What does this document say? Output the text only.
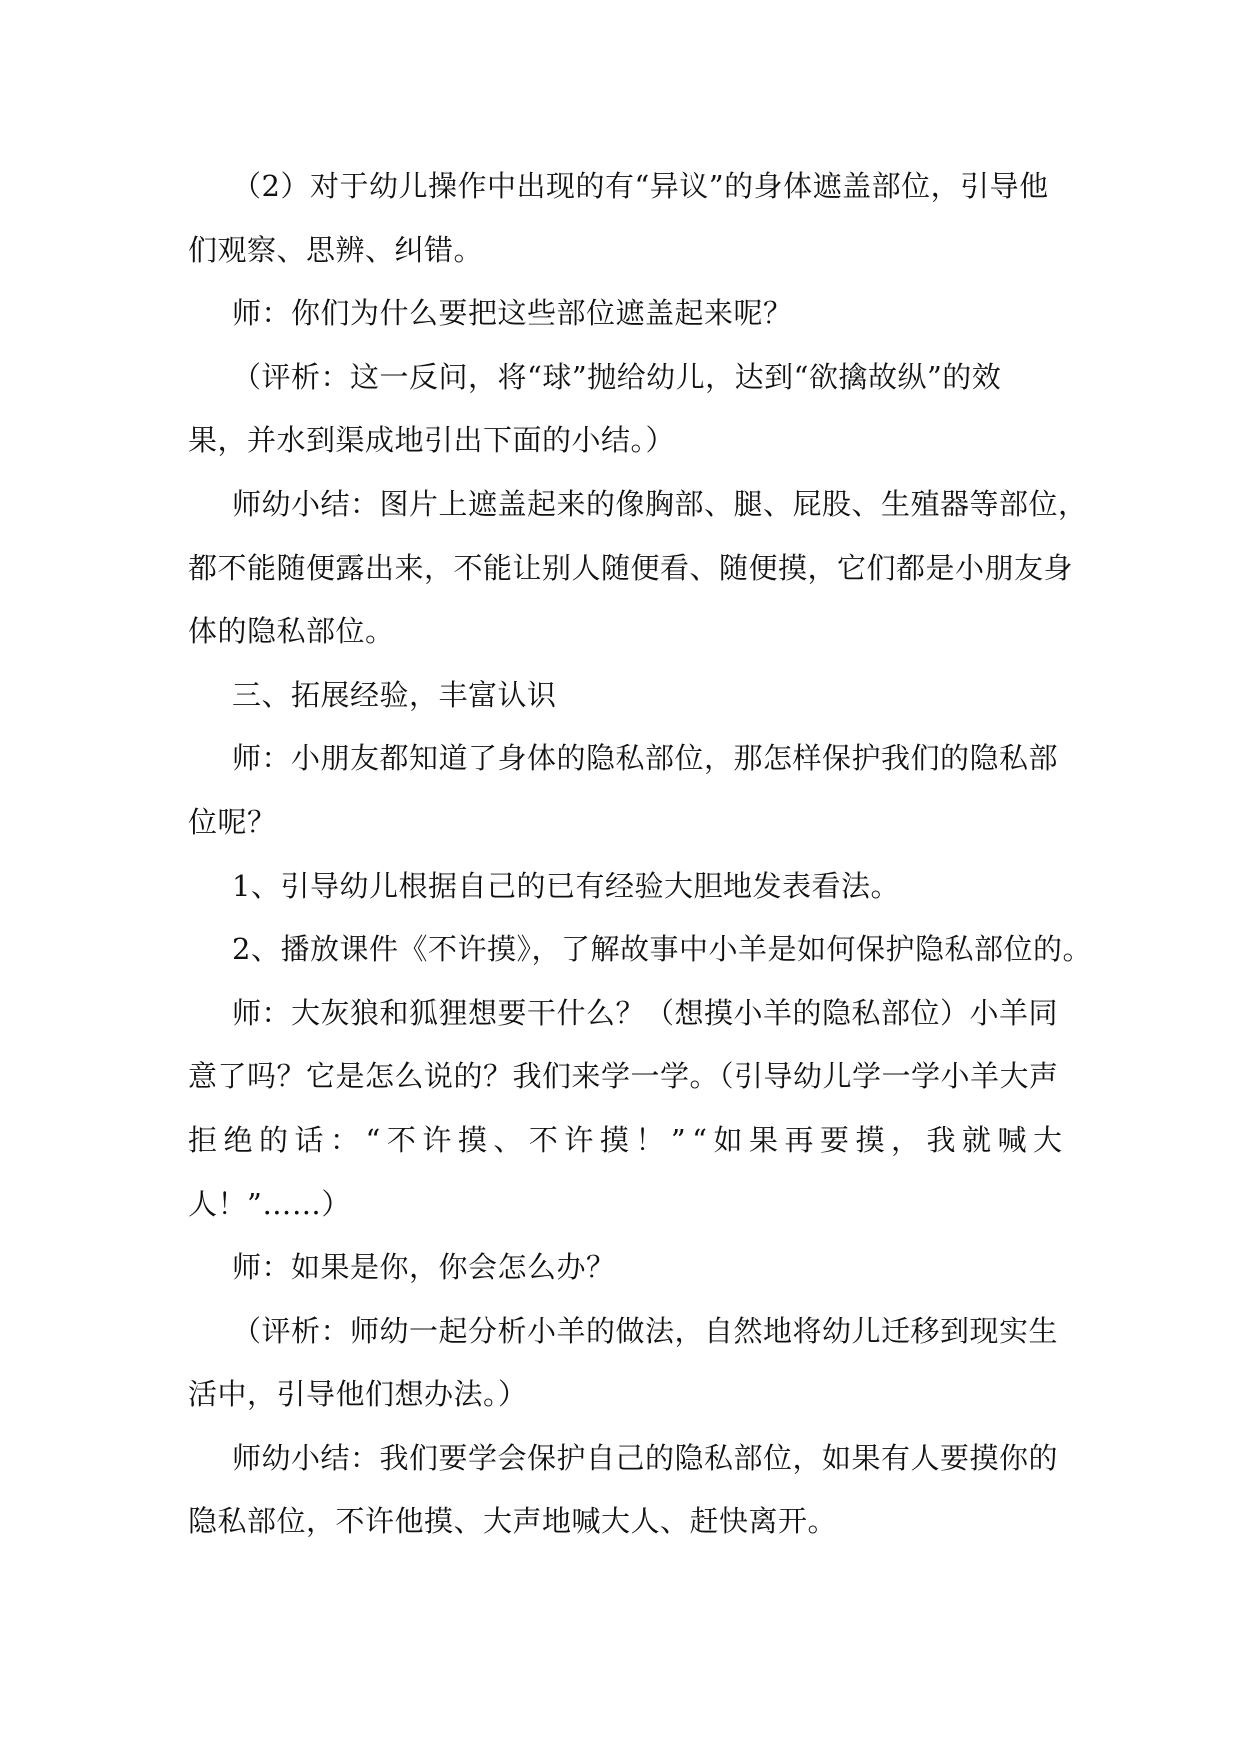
（2）对于幼儿操作中出现的有“异议”的身体遮盖部位，引导他
们观察、思辨、纠错。

师：你们为什么要把这些部位遮盖起来呢？

（评析：这一反问，将“球”抛给幼儿，达到“欲擒故纵”的效
果，并水到渠成地引出下面的小结。）

师幼小结：图片上遮盖起来的像胸部、腿、屁股、生殖器等部位，
都不能随便露出来，不能让别人随便看、随便摸，它们都是小朋友身
体的隐私部位。

三、拓展经验，丰富认识

师：小朋友都知道了身体的隐私部位，那怎样保护我们的隐私部
位呢？

1、引导幼儿根据自己的已有经验大胆地发表看法。

2、播放课件《不许摸》，了解故事中小羊是如何保护隐私部位的。

师：大灰狼和狐狸想要干什么？（想摸小羊的隐私部位）小羊同
意了吗？它是怎么说的？我们来学一学。（引导幼儿学一学小羊大声
拒绝的话：“不许摸、不许摸！”“如果再要摸，我就喊大
人！”……）

师：如果是你，你会怎么办？

（评析：师幼一起分析小羊的做法，自然地将幼儿迁移到现实生
活中，引导他们想办法。）

师幼小结：我们要学会保护自己的隐私部位，如果有人要摸你的
隐私部位，不许他摸、大声地喊大人、赶快离开。
